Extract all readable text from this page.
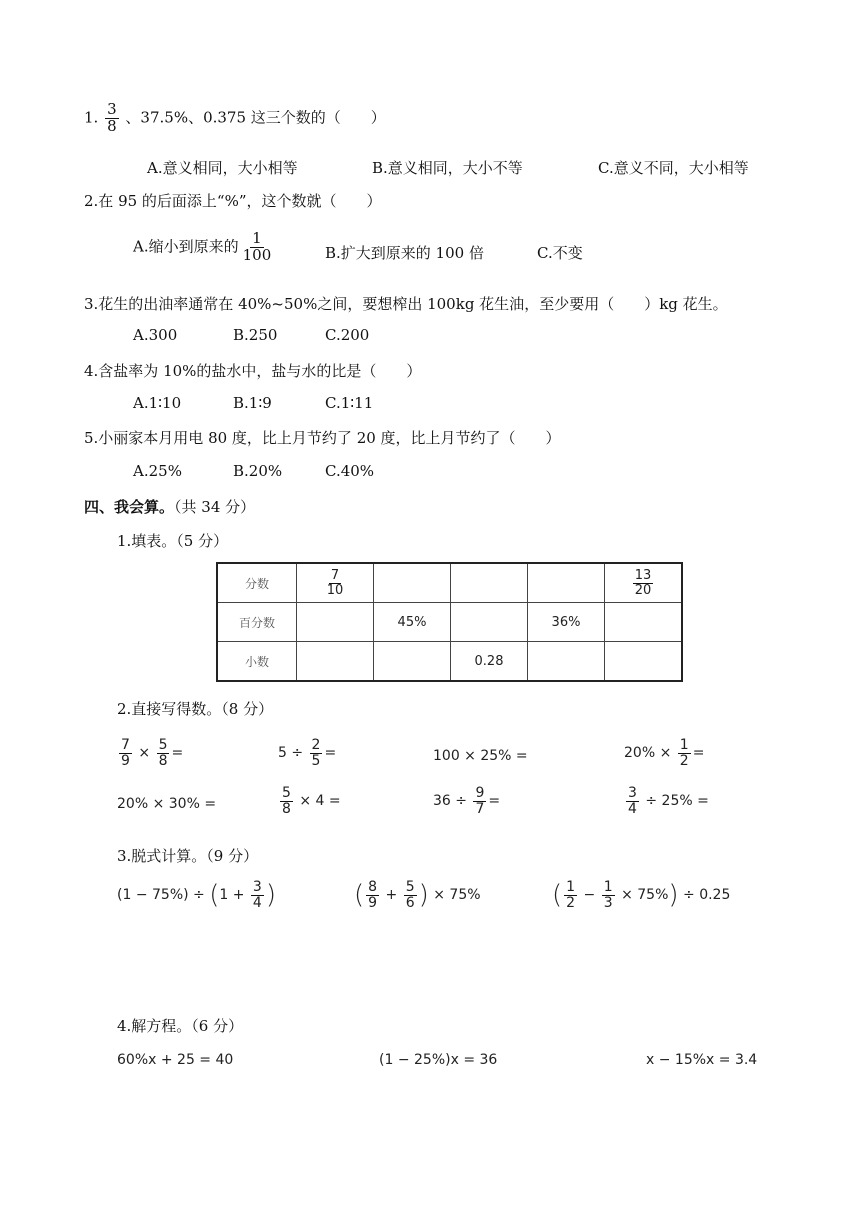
1. $\frac{3}{8}$ 、37.5%、0.375 这三个数的（　　）
A.意义相同，大小相等	B.意义相同，大小不等	C.意义不同，大小相等
2.在 95 的后面添上“%”，这个数就（　　）
A.缩小到原来的 $\frac{1}{100}$	B.扩大到原来的 100 倍	C.不变
3.花生的出油率通常在 40%~50%之间，要想榨出 100kg 花生油，至少要用（　　）kg 花生。
A.300	B.250	C.200
4.含盐率为 10%的盐水中，盐与水的比是（　　）
A.1∶10	B.1∶9	C.1∶11
5.小丽家本月用电 80 度，比上月节约了 20 度，比上月节约了（　　）
A.25%	B.20%	C.40%
四、我会算。（共 34 分）
1.填表。（5 分）
分数	$\frac{7}{10}$				$\frac{13}{20}$

百分数		45%		36%	
小数			0.28		
2.直接写得数。（8 分）
$\frac{7}{9} \times \frac{5}{8}$ =	$5 \div \frac{2}{5}$ =	100 × 25% =	$20\% \times \frac{1}{2}$ =
20% × 30% =	$\frac{5}{8} \times 4$ =	$36 \div \frac{9}{7}$ =	$\frac{3}{4} \div 25\%$ =
3.脱式计算。（9 分）
$(1 - 75\%) \div (1 + \frac{3}{4}$ )	( $\frac{8}{9} + \frac{5}{6}$ ) × 75%	( $\frac{1}{2} - \frac{1}{3} \times 75\%) \div 0.25$
4.解方程。（6 分）
60%x + 25 = 40	(1 − 25%)x = 36	x − 15%x = 3.4
